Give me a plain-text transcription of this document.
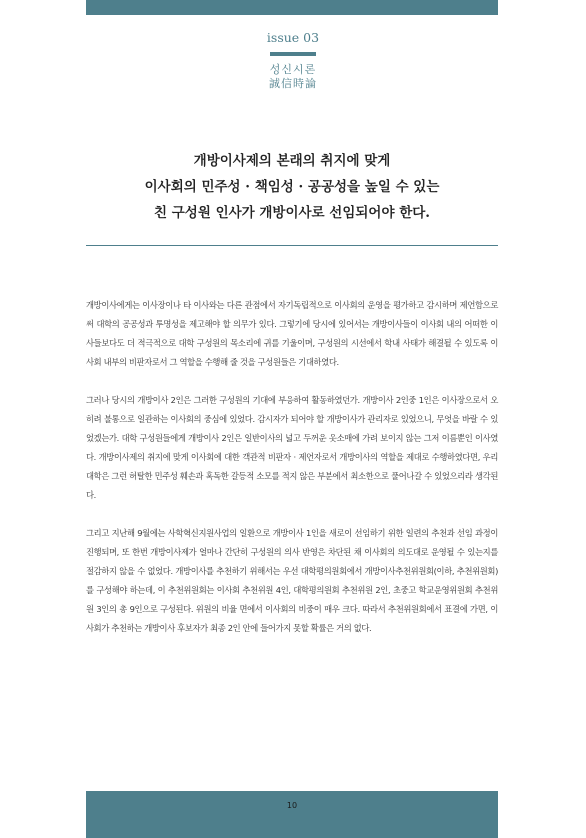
issue 03
성신시론
誠信時論
개방이사제의 본래의 취지에 맞게
이사회의 민주성 · 책임성 · 공공성을 높일 수 있는
친 구성원 인사가 개방이사로 선임되어야 한다.

개방이사에게는 이사장이나 타 이사와는 다른 관점에서 자기독립적으로 이사회의 운영을 평가하고 감시하며 제언함으로써 대학의 공공성과 투명성을 제고해야 할 의무가 있다. 그렇기에 당시에 있어서는 개방이사들이 이사회 내의 어떠한 이사들보다도 더 적극적으로 대학 구성원의 목소리에 귀를 기울이며, 구성원의 시선에서 학내 사태가 해결될 수 있도록 이사회 내부의 비판자로서 그 역할을 수행해 줄 것을 구성원들은 기대하였다.

그러나 당시의 개방이사 2인은 그러한 구성원의 기대에 부응하여 활동하였던가. 개방이사 2인중 1인은 이사장으로서 오히려 불통으로 일관하는 이사회의 중심에 있었다. 감시자가 되어야 할 개방이사가 관리자로 있었으니, 무엇을 바랄 수 있었겠는가. 대학 구성원들에게 개방이사 2인은 일반이사의 넓고 두꺼운 옷소매에 가려 보이지 않는 그저 이름뿐인 이사였다. 개방이사제의 취지에 맞게 이사회에 대한 객관적 비판자 · 제언자로서 개방이사의 역할을 제대로 수행하였다면, 우리 대학은 그런 허탈한 민주성 훼손과 혹독한 갈등적 소모를 적지 않은 부분에서 최소한으로 풀어나갈 수 있었으리라 생각된다.

그리고 지난해 9월에는 사학혁신지원사업의 일환으로 개방이사 1인을 새로이 선임하기 위한 일련의 추천과 선임 과정이 진행되며, 또 한번 개방이사제가 얼마나 간단히 구성원의 의사 반영은 차단된 채 이사회의 의도대로 운영될 수 있는지를 절감하지 않을 수 없었다. 개방이사를 추천하기 위해서는 우선 대학평의원회에서 개방이사추천위원회(이하, 추천위원회)를 구성해야 하는데, 이 추천위원회는 이사회 추천위원 4인, 대학평의원회 추천위원 2인, 초중고 학교운영위원회 추천위원 3인의 총 9인으로 구성된다. 위원의 비율 면에서 이사회의 비중이 매우 크다. 따라서 추천위원회에서 표결에 가면, 이사회가 추천하는 개방이사 후보자가 최종 2인 안에 들어가지 못할 확률은 거의 없다.

10
